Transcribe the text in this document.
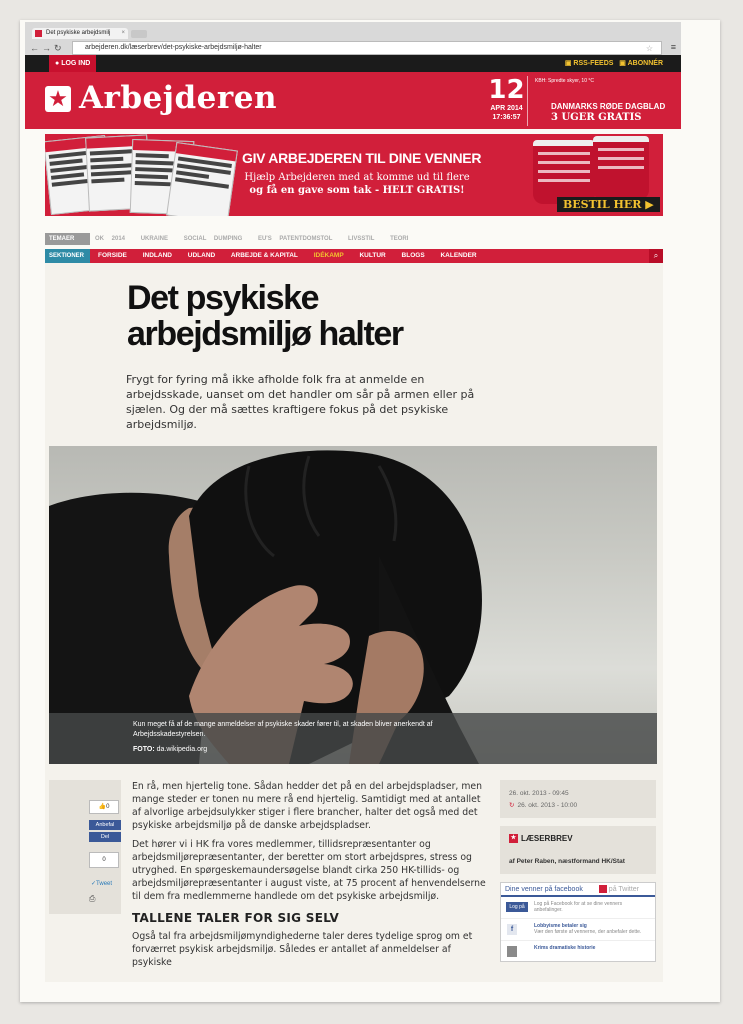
Det psykiske arbejdsmilj ×
←→↻	arbejderen.dk/læserbrev/det-psykiske-arbejdsmiljø-halter	☆ ≡
● LOG IND	▣ RSS-FEEDS ▣ ABONNÉR
★ Arbejderen	12
APR 2014
17:36:57
KBH: Spredte skyer, 10 °C
DANMARKS RØDE DAGBLAD
3 UGER GRATIS
GIV ARBEJDEREN TIL DINE VENNER
Hjælp Arbejderen med at komme ud til flere
og få en gave som tak - HELT GRATIS!
BESTIL HER ▶
TEMAER	OK 2014	UKRAINE	SOCIAL DUMPING	EU'S PATENTDOMSTOL	LIVSSTIL	TEORI
SEKTIONER	FORSIDE INDLAND UDLAND ARBEJDE & KAPITAL IDÉKAMP KULTUR BLOGS KALENDER	⌕
Det psykiske
arbejdsmiljø halter
Frygt for fyring må ikke afholde folk fra at anmelde en arbejdsskade, uanset om det handler om sår på armen eller på sjælen. Og der må sættes kraftigere fokus på det psykiske arbejdsmiljø.
Kun meget få af de mange anmeldelser af psykiske skader fører til, at skaden bliver anerkendt af Arbejdsskadestyrelsen.
FOTO: da.wikipedia.org
👍0
Anbefal
Del
0
✓Tweet
⎙

En rå, men hjertelig tone. Sådan hedder det på en del arbejdspladser, men mange steder er tonen nu mere rå end hjertelig. Samtidigt med at antallet af alvorlige arbejdsulykker stiger i flere brancher, halter det også med det psykiske arbejdsmiljø på de danske arbejdspladser.

Det hører vi i HK fra vores medlemmer, tillidsrepræsentanter og arbejdsmiljørepræsentanter, der beretter om stort arbejdspres, stress og utryghed. En spørgeskemaundersøgelse blandt cirka 250 HK-tillids- og arbejdsmiljørepræsentanter i august viste, at 75 procent af henvendelserne til dem fra medlemmerne handlede om det psykiske arbejdsmiljø.

TALLENE TALER FOR SIG SELV

Også tal fra arbejdsmiljømyndighederne taler deres tydelige sprog om et forværret psykisk arbejdsmiljø. Således er antallet af anmeldelser af psykiske

26. okt. 2013 - 09:45
↻ 26. okt. 2013 - 10:00
★ LÆSERBREV
af Peter Raben, næstformand HK/Stat
Dine venner på facebook	på Twitter
Log på	Log på Facebook for at se dine venners anbefalinger.
f	Lobbyisme betaler sig
Vær den første af vennerne, der anbefaler dette.
Krims dramatiske historie
